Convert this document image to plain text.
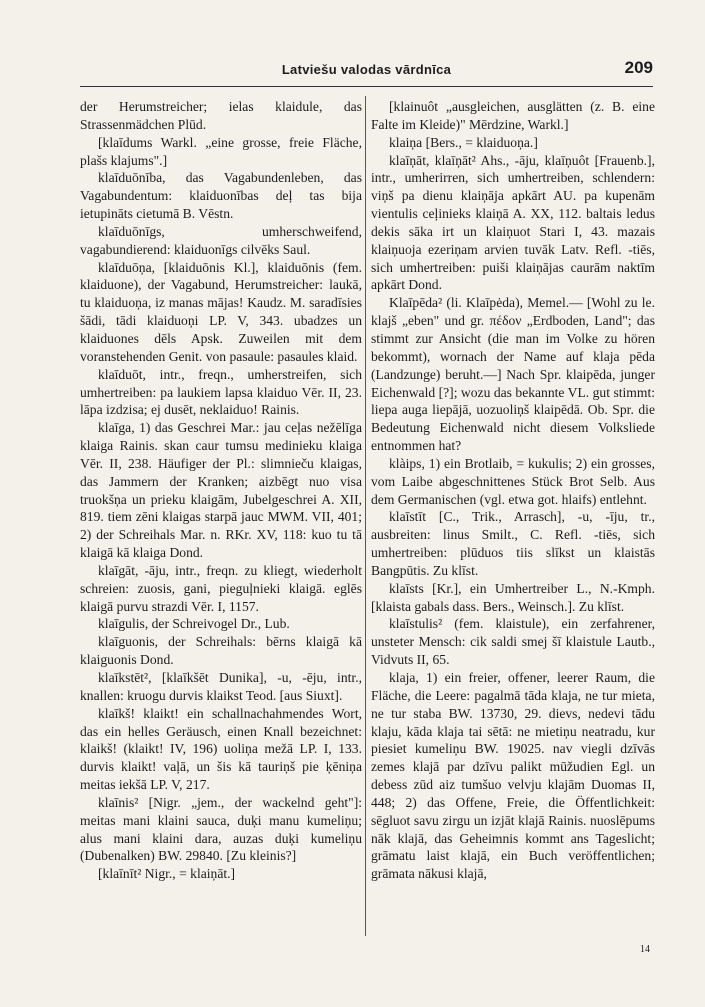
Latviešu valodas vārdnīca	209

der Herumstreicher; ielas klaidule, das Strassenmädchen Plūd.

[klaīdums Warkl. „eine grosse, freie Fläche, plašs klajums".]

klaīduōnība, das Vagabundenleben, das Vagabundentum: klaiduonības deļ tas bija ietupināts cietumā B. Vēstn.

klaīduōnīgs, umherschweifend, vagabundierend: klaiduonīgs cilvēks Saul.

klaīduōņa, [klaiduōnis Kl.], klaiduōnis (fem. klaiduone), der Vagabund, Herumstreicher: laukā, tu klaiduoņa, iz manas mājas! Kaudz. M. saradīsies šādi, tādi klaiduoņi LP. V, 343. ubadzes un klaiduones dēls Apsk. Zuweilen mit dem voranstehenden Genit. von pasaule: pasaules klaid.

klaīduōt, intr., freqn., umherstreifen, sich umhertreiben: pa laukiem lapsa klaiduo Vēr. II, 23. lāpa izdzisa; ej dusēt, neklaiduo! Rainis.

klaīga, 1) das Geschrei Mar.: jau ceļas nežēlīga klaiga Rainis. skan caur tumsu medinieku klaiga Vēr. II, 238. Häufiger der Pl.: slimnieču klaigas, das Jammern der Kranken; aizbēgt nuo visa truokšņa un prieku klaigām, Jubelgeschrei A. XII, 819. tiem zēni klaigas starpā jauc MWM. VII, 401; 2) der Schreihals Mar. n. RKr. XV, 118: kuo tu tā klaigā kā klaiga Dond.

klaīgāt, -āju, intr., freqn. zu kliegt, wiederholt schreien: zuosis, gani, pieguļnieki klaigā. eglēs klaigā purvu strazdi Vēr. I, 1157.

klaīgulis, der Schreivogel Dr., Lub.

klaīguonis, der Schreihals: bērns klaigā kā klaiguonis Dond.

klaīkstēt², [klaīkšēt Dunika], -u, -ēju, intr., knallen: kruogu durvis klaikst Teod. [aus Siuxt].

klaīkš! klaikt! ein schallnachahmendes Wort, das ein helles Geräusch, einen Knall bezeichnet: klaikš! (klaikt! IV, 196) uoliņa mežā LP. I, 133. durvis klaikt! vaļā, un šis kā tauriņš pie ķēniņa meitas iekšā LP. V, 217.

klaīnis² [Nigr. „jem., der wackelnd geht"]: meitas mani klaini sauca, duķi manu kumeliņu; alus mani klaini dara, auzas duķi kumeliņu (Dubenalken) BW. 29840. [Zu kleinis?]

[klaīnīt² Nigr., = klaiņāt.]

[klainuôt „ausgleichen, ausglätten (z. B. eine Falte im Kleide)" Mērdzine, Warkl.]

klaiņa [Bers., = klaiduoņa.]

klaīņāt, klaīņāt² Ahs., -āju, klaīņuôt [Frauenb.], intr., umherirren, sich umhertreiben, schlendern: viņš pa dienu klaiņāja apkārt AU. pa kupenām vientulis ceļinieks klaiņā A. XX, 112. baltais ledus dekis sāka irt un klaiņuot Stari I, 43. mazais klaiņuoja ezeriņam arvien tuvāk Latv. Refl. -tiēs, sich umhertreiben: puiši klaiņājas caurām naktīm apkārt Dond.

Klaīpēda² (li. Klaīpėda), Memel.— [Wohl zu le. klajš „eben" und gr. πέδον „Erdboden, Land"; das stimmt zur Ansicht (die man im Volke zu hören bekommt), wornach der Name auf klaja pēda (Landzunge) beruht.—] Nach Spr. klaipēda, junger Eichenwald [?]; wozu das bekannte VL. gut stimmt: liepa auga liepājā, uozuoliņš klaipēdā. Ob. Spr. die Bedeutung Eichenwald nicht diesem Volksliede entnommen hat?

klàips, 1) ein Brotlaib, = kukulis; 2) ein grosses, vom Laibe abgeschnittenes Stück Brot Selb. Aus dem Germanischen (vgl. etwa got. hlaifs) entlehnt.

klaīstīt [C., Trik., Arrasch], -u, -īju, tr., ausbreiten: linus Smilt., C. Refl. -tiēs, sich umhertreiben: plūduos tiis slīkst un klaistās Bangpūtis. Zu klīst.

klaīsts [Kr.], ein Umhertreiber L., N.-Kmph. [klaista gabals dass. Bers., Weinsch.]. Zu klīst.

klaīstulis² (fem. klaistule), ein zerfahrener, unsteter Mensch: cik saldi smej šī klaistule Lautb., Vidvuts II, 65.

klaja, 1) ein freier, offener, leerer Raum, die Fläche, die Leere: pagalmā tāda klaja, ne tur mieta, ne tur staba BW. 13730, 29. dievs, nedevi tādu klaju, kāda klaja tai sētā: ne mietiņu neatradu, kur piesiet kumeliņu BW. 19025. nav viegli dzīvās zemes klajā par dzīvu palikt mūžudien Egl. un debess zūd aiz tumšuo velvju klajām Duomas II, 448; 2) das Offene, Freie, die Öffentlichkeit: sēgluot savu zirgu un izjāt klajā Rainis. nuoslēpums nāk klajā, das Geheimnis kommt ans Tageslicht; grāmatu laist klajā, ein Buch veröffentlichen; grāmata nākusi klajā,

14
